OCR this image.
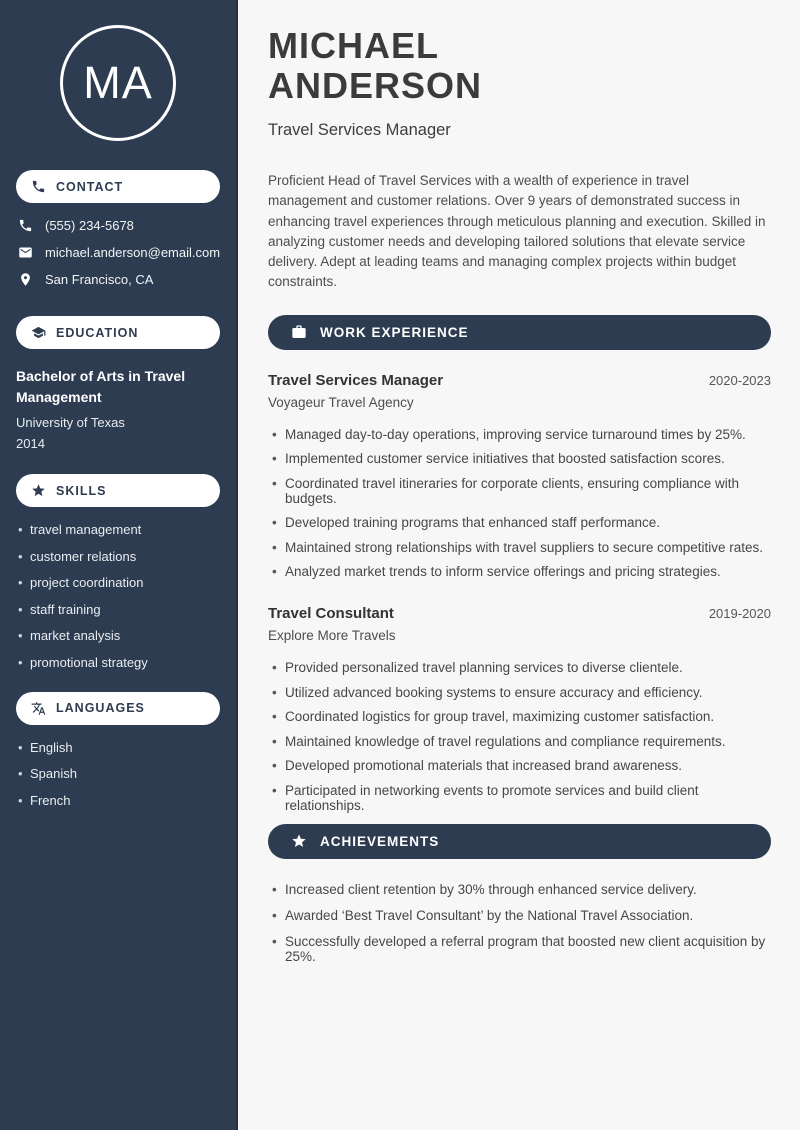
MA
CONTACT
(555) 234-5678
michael.anderson@email.com
San Francisco, CA
EDUCATION
Bachelor of Arts in Travel Management
University of Texas
2014
SKILLS
• travel management
• customer relations
• project coordination
• staff training
• market analysis
• promotional strategy
LANGUAGES
• English
• Spanish
• French
MICHAEL
ANDERSON
Travel Services Manager

Proficient Head of Travel Services with a wealth of experience in travel management and customer relations. Over 9 years of demonstrated success in enhancing travel experiences through meticulous planning and execution. Skilled in analyzing customer needs and developing tailored solutions that elevate service delivery. Adept at leading teams and managing complex projects within budget constraints.

WORK EXPERIENCE
Travel Services Manager	2020-2023
Voyageur Travel Agency
• Managed day-to-day operations, improving service turnaround times by 25%.
• Implemented customer service initiatives that boosted satisfaction scores.
• Coordinated travel itineraries for corporate clients, ensuring compliance with budgets.
• Developed training programs that enhanced staff performance.
• Maintained strong relationships with travel suppliers to secure competitive rates.
• Analyzed market trends to inform service offerings and pricing strategies.
Travel Consultant	2019-2020
Explore More Travels
• Provided personalized travel planning services to diverse clientele.
• Utilized advanced booking systems to ensure accuracy and efficiency.
• Coordinated logistics for group travel, maximizing customer satisfaction.
• Maintained knowledge of travel regulations and compliance requirements.
• Developed promotional materials that increased brand awareness.
• Participated in networking events to promote services and build client relationships.
ACHIEVEMENTS
• Increased client retention by 30% through enhanced service delivery.
• Awarded ‘Best Travel Consultant’ by the National Travel Association.
• Successfully developed a referral program that boosted new client acquisition by 25%.
